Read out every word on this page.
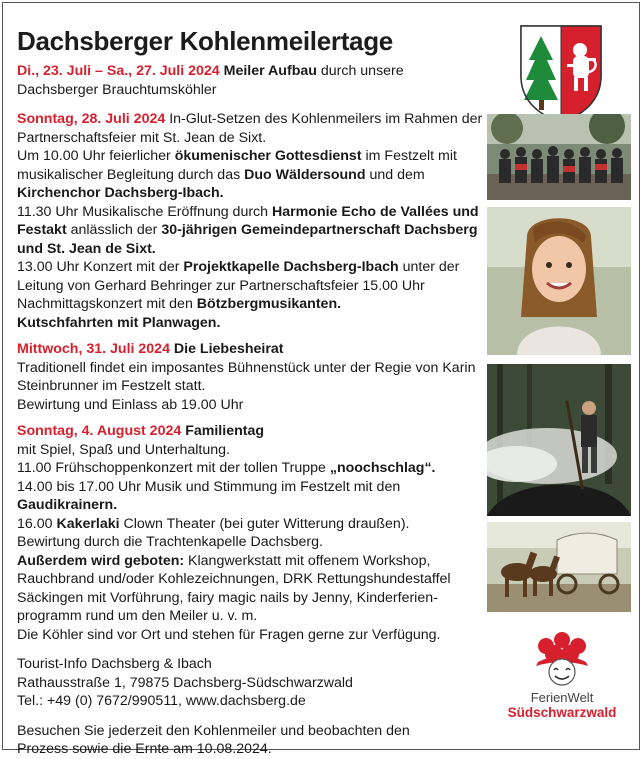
Dachsberger Kohlenmeilertage

Di., 23. Juli – Sa., 27. Juli 2024 Meiler Aufbau durch unsere
Dachsberger Brauchtumsköhler

Sonntag, 28. Juli 2024 In-Glut-Setzen des Kohlenmeilers im Rahmen der
Partnerschaftsfeier mit St. Jean de Sixt.
Um 10.00 Uhr feierlicher ökumenischer Gottesdienst im Festzelt mit
musikalischer Begleitung durch das Duo Wäldersound und dem
Kirchenchor Dachsberg-Ibach.
11.30 Uhr Musikalische Eröffnung durch Harmonie Echo de Vallées und
Festakt anlässlich der 30-jährigen Gemeindepartnerschaft Dachsberg
und St. Jean de Sixt.
13.00 Uhr Konzert mit der Projektkapelle Dachsberg-Ibach unter der
Leitung von Gerhard Behringer zur Partnerschaftsfeier 15.00 Uhr
Nachmittagskonzert mit den Bötzbergmusikanten.
Kutschfahrten mit Planwagen.

Mittwoch, 31. Juli 2024 Die Liebesheirat
Traditionell findet ein imposantes Bühnenstück unter der Regie von Karin
Steinbrunner im Festzelt statt.
Bewirtung und Einlass ab 19.00 Uhr

Sonntag, 4. August 2024 Familientag
mit Spiel, Spaß und Unterhaltung.
11.00 Frühschoppenkonzert mit der tollen Truppe „noochschlag“.
14.00 bis 17.00 Uhr Musik und Stimmung im Festzelt mit den
Gaudikrainern.
16.00 Kakerlaki Clown Theater (bei guter Witterung draußen).
Bewirtung durch die Trachtenkapelle Dachsberg.
Außerdem wird geboten: Klangwerkstatt mit offenem Workshop,
Rauchbrand und/oder Kohlezeichnungen, DRK Rettungshundestaffel
Säckingen mit Vorführung, fairy magic nails by Jenny, Kinderferien-
programm rund um den Meiler u. v. m.
Die Köhler sind vor Ort und stehen für Fragen gerne zur Verfügung.

Tourist-Info Dachsberg & Ibach
Rathausstraße 1, 79875 Dachsberg-Südschwarzwald
Tel.: +49 (0) 7672/990511, www.dachsberg.de

Besuchen Sie jederzeit den Kohlenmeiler und beobachten den
Prozess sowie die Ernte am 10.08.2024.

FerienWelt
Südschwarzwald
